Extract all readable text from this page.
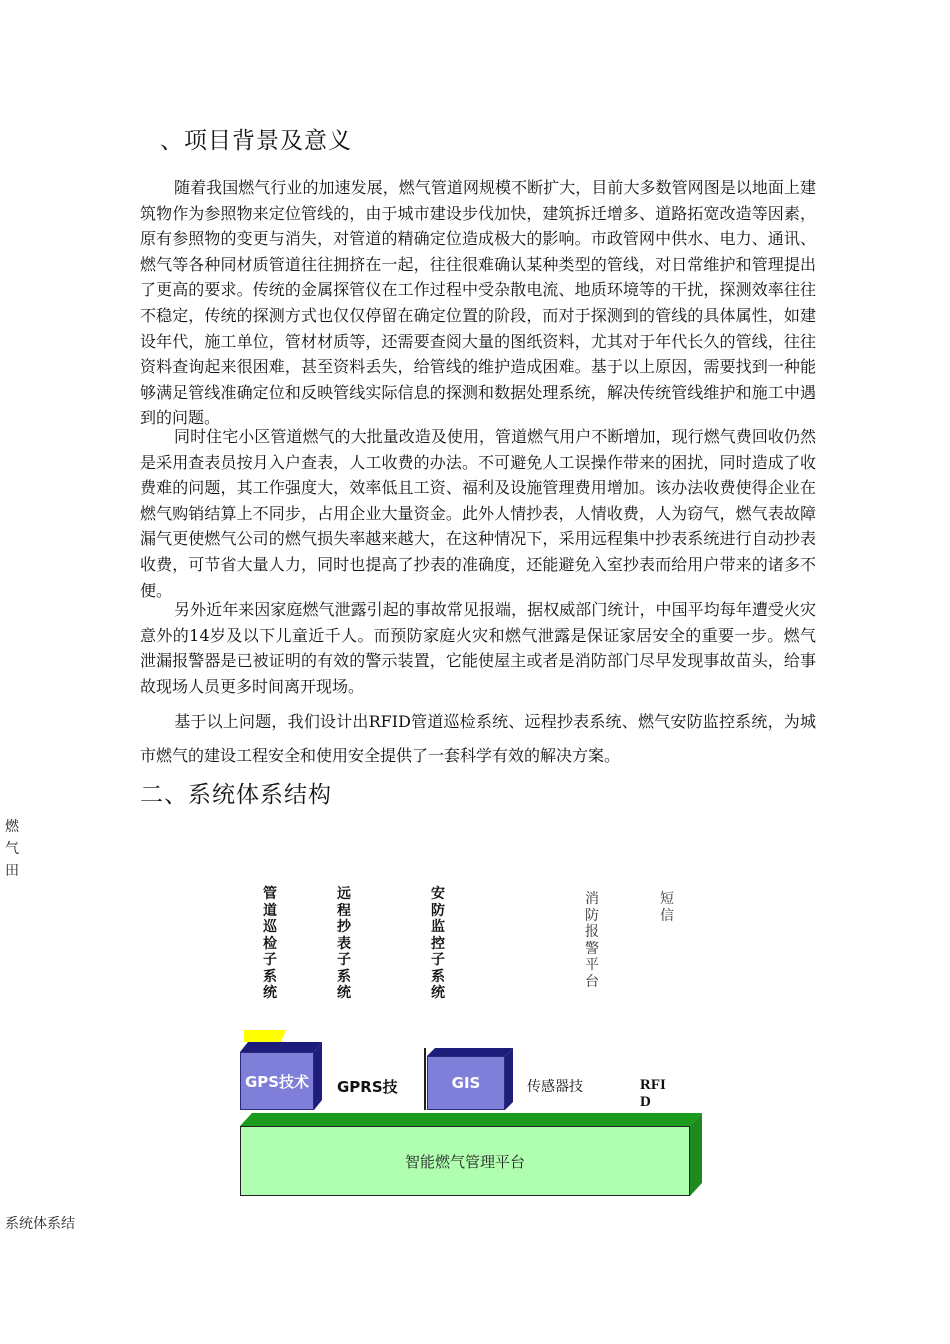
、项目背景及意义

随着我国燃气行业的加速发展，燃气管道网规模不断扩大，目前大多数管网图是以地面上建筑物作为参照物来定位管线的，由于城市建设步伐加快，建筑拆迁增多、道路拓宽改造等因素，原有参照物的变更与消失，对管道的精确定位造成极大的影响。市政管网中供水、电力、通讯、燃气等各种同材质管道往往拥挤在一起，往往很难确认某种类型的管线，对日常维护和管理提出了更高的要求。传统的金属探管仪在工作过程中受杂散电流、地质环境等的干扰，探测效率往往不稳定，传统的探测方式也仅仅停留在确定位置的阶段，而对于探测到的管线的具体属性，如建设年代，施工单位，管材材质等，还需要查阅大量的图纸资料，尤其对于年代长久的管线，往往资料查询起来很困难，甚至资料丢失，给管线的维护造成困难。基于以上原因，需要找到一种能够满足管线准确定位和反映管线实际信息的探测和数据处理系统，解决传统管线维护和施工中遇到的问题。

同时住宅小区管道燃气的大批量改造及使用，管道燃气用户不断增加，现行燃气费回收仍然是采用查表员按月入户查表，人工收费的办法。不可避免人工误操作带来的困扰，同时造成了收费难的问题，其工作强度大，效率低且工资、福利及设施管理费用增加。该办法收费使得企业在燃气购销结算上不同步，占用企业大量资金。此外人情抄表，人情收费，人为窃气，燃气表故障漏气更使燃气公司的燃气损失率越来越大，在这种情况下，采用远程集中抄表系统进行自动抄表收费，可节省大量人力，同时也提高了抄表的准确度，还能避免入室抄表而给用户带来的诸多不便。

另外近年来因家庭燃气泄露引起的事故常见报端，据权威部门统计，中国平均每年遭受火灾意外的14岁及以下儿童近千人。而预防家庭火灾和燃气泄露是保证家居安全的重要一步。燃气泄漏报警器是已被证明的有效的警示装置，它能使屋主或者是消防部门尽早发现事故苗头，给事故现场人员更多时间离开现场。

基于以上问题，我们设计出RFID管道巡检系统、远程抄表系统、燃气安防监控系统，为城市燃气的建设工程安全和使用安全提供了一套科学有效的解决方案。

二、系统体系结构
燃气田
管道巡检子系统
远程抄表子系统
安防监控子系统
消防报警平台
短信
GPS技术	GPRS技	GIS	传感器技	RFID
智能燃气管理平台
系统体系结
